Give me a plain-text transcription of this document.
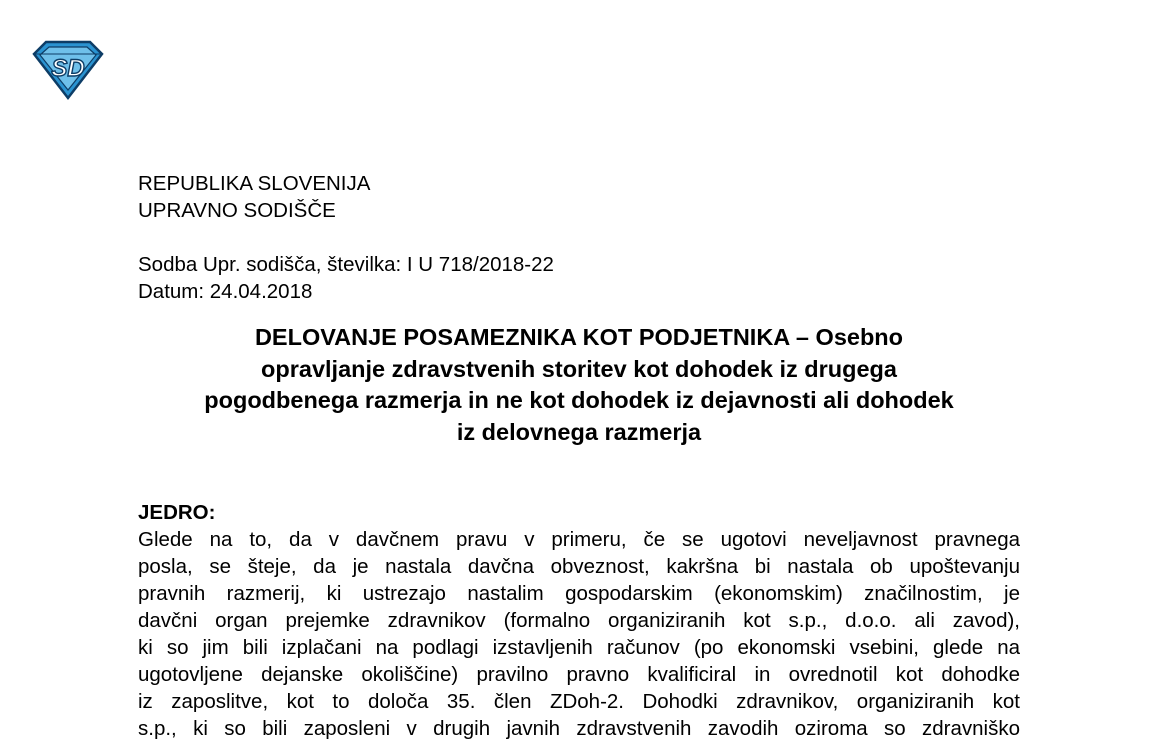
SD
REPUBLIKA SLOVENIJA
UPRAVNO SODIŠČE
Sodba Upr. sodišča, številka: I U 718/2018-22
Datum: 24.04.2018
DELOVANJE POSAMEZNIKA KOT PODJETNIKA – Osebno
opravljanje zdravstvenih storitev kot dohodek iz drugega
pogodbenega razmerja in ne kot dohodek iz dejavnosti ali dohodek
iz delovnega razmerja
JEDRO:
Glede na to, da v davčnem pravu v primeru, če se ugotovi neveljavnost pravnega
posla, se šteje, da je nastala davčna obveznost, kakršna bi nastala ob upoštevanju
pravnih razmerij, ki ustrezajo nastalim gospodarskim (ekonomskim) značilnostim, je
davčni organ prejemke zdravnikov (formalno organiziranih kot s.p., d.o.o. ali zavod),
ki so jim bili izplačani na podlagi izstavljenih računov (po ekonomski vsebini, glede na
ugotovljene dejanske okoliščine) pravilno pravno kvalificiral in ovrednotil kot dohodke
iz zaposlitve, kot to določa 35. člen ZDoh-2. Dohodki zdravnikov, organiziranih kot
s.p., ki so bili zaposleni v drugih javnih zdravstvenih zavodih oziroma so zdravniško
